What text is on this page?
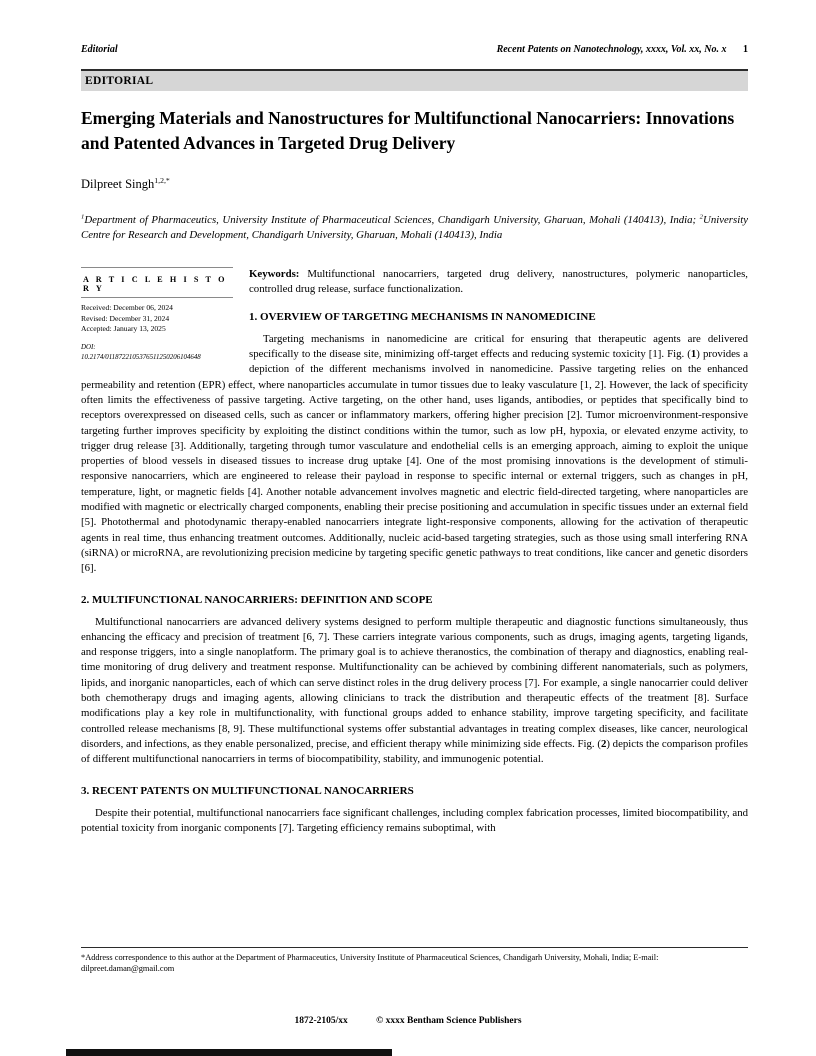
Editorial	Recent Patents on Nanotechnology, xxxx, Vol. xx, No. x 1
EDITORIAL
Emerging Materials and Nanostructures for Multifunctional Nanocarriers: Innovations and Patented Advances in Targeted Drug Delivery
Dilpreet Singh$^{1,2,*}$
$^1$Department of Pharmaceutics, University Institute of Pharmaceutical Sciences, Chandigarh University, Gharuan, Mohali (140413), India; $^2$University Centre for Research and Development, Chandigarh University, Gharuan, Mohali (140413), India
A R T I C L E H I S T O R Y
Received: December 06, 2024
Revised: December 31, 2024
Accepted: January 13, 2025
DOI:
10.2174/0118722105376511250206104648
Keywords: Multifunctional nanocarriers, targeted drug delivery, nanostructures, polymeric nanoparticles, controlled drug release, surface functionalization.
1. OVERVIEW OF TARGETING MECHANISMS IN NANOMEDICINE
Targeting mechanisms in nanomedicine are critical for ensuring that therapeutic agents are delivered specifically to the disease site, minimizing off-target effects and reducing systemic toxicity [1]. Fig. (1) provides a depiction of the different mechanisms involved in nanomedicine. Passive targeting relies on the enhanced permeability and retention (EPR) effect, where nanoparticles accumulate in tumor tissues due to leaky vasculature [1, 2]. However, the lack of specificity often limits the effectiveness of passive targeting. Active targeting, on the other hand, uses ligands, antibodies, or peptides that specifically bind to receptors overexpressed on diseased cells, such as cancer or inflammatory markers, offering higher precision [2]. Tumor microenvironment-responsive targeting further improves specificity by exploiting the distinct conditions within the tumor, such as low pH, hypoxia, or elevated enzyme activity, to trigger drug release [3]. Additionally, targeting through tumor vasculature and endothelial cells is an emerging approach, aiming to exploit the unique properties of blood vessels in diseased tissues to increase drug uptake [4]. One of the most promising innovations is the development of stimuli-responsive nanocarriers, which are engineered to release their payload in response to specific internal or external triggers, such as changes in pH, temperature, light, or magnetic fields [4]. Another notable advancement involves magnetic and electric field-directed targeting, where nanoparticles are modified with magnetic or electrically charged components, enabling their precise positioning and accumulation in specific tissues under an external field [5]. Photothermal and photodynamic therapy-enabled nanocarriers integrate light-responsive components, allowing for the activation of therapeutic agents in real time, thus enhancing treatment outcomes. Additionally, nucleic acid-based targeting strategies, such as those using small interfering RNA (siRNA) or microRNA, are revolutionizing precision medicine by targeting specific genetic pathways to treat conditions, like cancer and genetic disorders [6].
2. MULTIFUNCTIONAL NANOCARRIERS: DEFINITION AND SCOPE
Multifunctional nanocarriers are advanced delivery systems designed to perform multiple therapeutic and diagnostic functions simultaneously, thus enhancing the efficacy and precision of treatment [6, 7]. These carriers integrate various components, such as drugs, imaging agents, targeting ligands, and response triggers, into a single nanoplatform. The primary goal is to achieve theranostics, the combination of therapy and diagnostics, enabling real-time monitoring of drug delivery and treatment response. Multifunctionality can be achieved by combining different nanomaterials, such as polymers, lipids, and inorganic nanoparticles, each of which can serve distinct roles in the drug delivery process [7]. For example, a single nanocarrier could deliver both chemotherapy drugs and imaging agents, allowing clinicians to track the distribution and therapeutic effects of the treatment [8]. Surface modifications play a key role in multifunctionality, with functional groups added to enhance stability, improve targeting specificity, and facilitate controlled release mechanisms [8, 9]. These multifunctional systems offer substantial advantages in treating complex diseases, like cancer, neurological disorders, and infections, as they enable personalized, precise, and efficient therapy while minimizing side effects. Fig. (2) depicts the comparison profiles of different multifunctional nanocarriers in terms of biocompatibility, stability, and immunogenic potential.
3. RECENT PATENTS ON MULTIFUNCTIONAL NANOCARRIERS
Despite their potential, multifunctional nanocarriers face significant challenges, including complex fabrication processes, limited biocompatibility, and potential toxicity from inorganic components [7]. Targeting efficiency remains suboptimal, with
*Address correspondence to this author at the Department of Pharmaceutics, University Institute of Pharmaceutical Sciences, Chandigarh University, Mohali, India; E-mail: dilpreet.daman@gmail.com
1872-2105/xx	© xxxx Bentham Science Publishers
